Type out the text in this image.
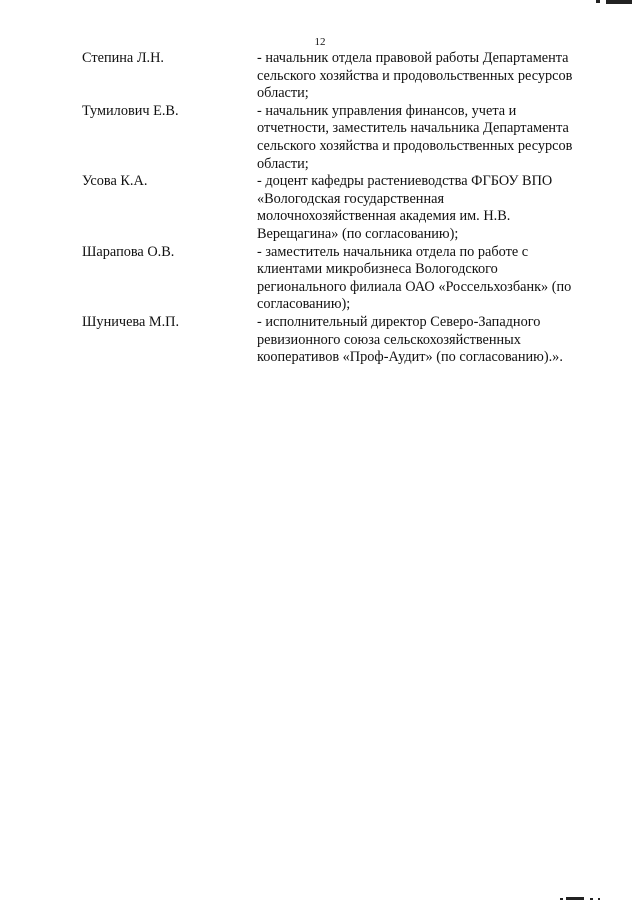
12
Степина Л.Н.	- начальник отдела правовой работы Департамента
сельского хозяйства и продовольственных ресурсов
области;
Тумилович Е.В.	- начальник управления финансов, учета и
отчетности, заместитель начальника Департамента
сельского хозяйства и продовольственных ресурсов
области;
Усова К.А.	- доцент кафедры растениеводства ФГБОУ ВПО
«Вологодская государственная
молочнохозяйственная академия им. Н.В.
Верещагина» (по согласованию);
Шарапова О.В.	- заместитель начальника отдела по работе с
клиентами микробизнеса Вологодского
регионального филиала ОАО «Россельхозбанк» (по
согласованию);
Шуничева М.П.	- исполнительный директор Северо-Западного
ревизионного союза сельскохозяйственных
кооперативов «Проф-Аудит» (по согласованию).».
